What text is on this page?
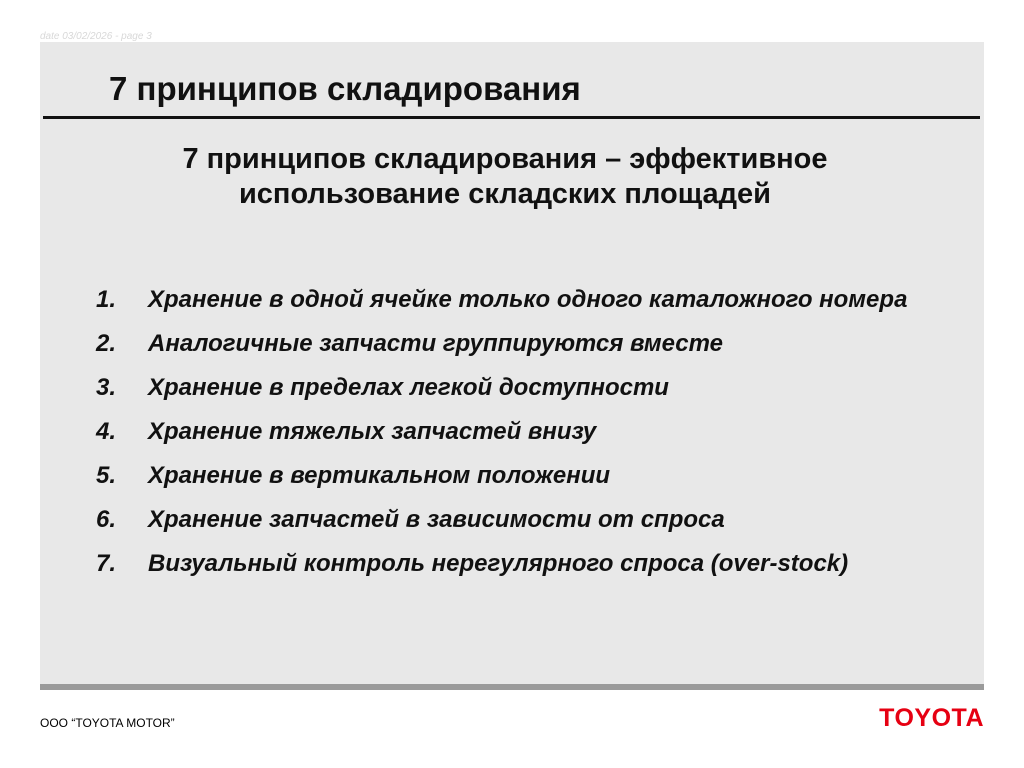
date 03/02/2026 - page 3
7 принципов складирования
7 принципов складирования – эффективное
использование складских площадей
1.	Хранение в одной ячейке только одного каталожного номера
2.	Аналогичные запчасти группируются вместе
3.	Хранение в пределах легкой доступности
4.	Хранение тяжелых запчастей внизу
5.	Хранение в вертикальном положении
6.	Хранение запчастей в зависимости от спроса
7.	Визуальный контроль нерегулярного спроса (over-stock)
ООО “TOYOTA MOTOR”	TOYOTA
